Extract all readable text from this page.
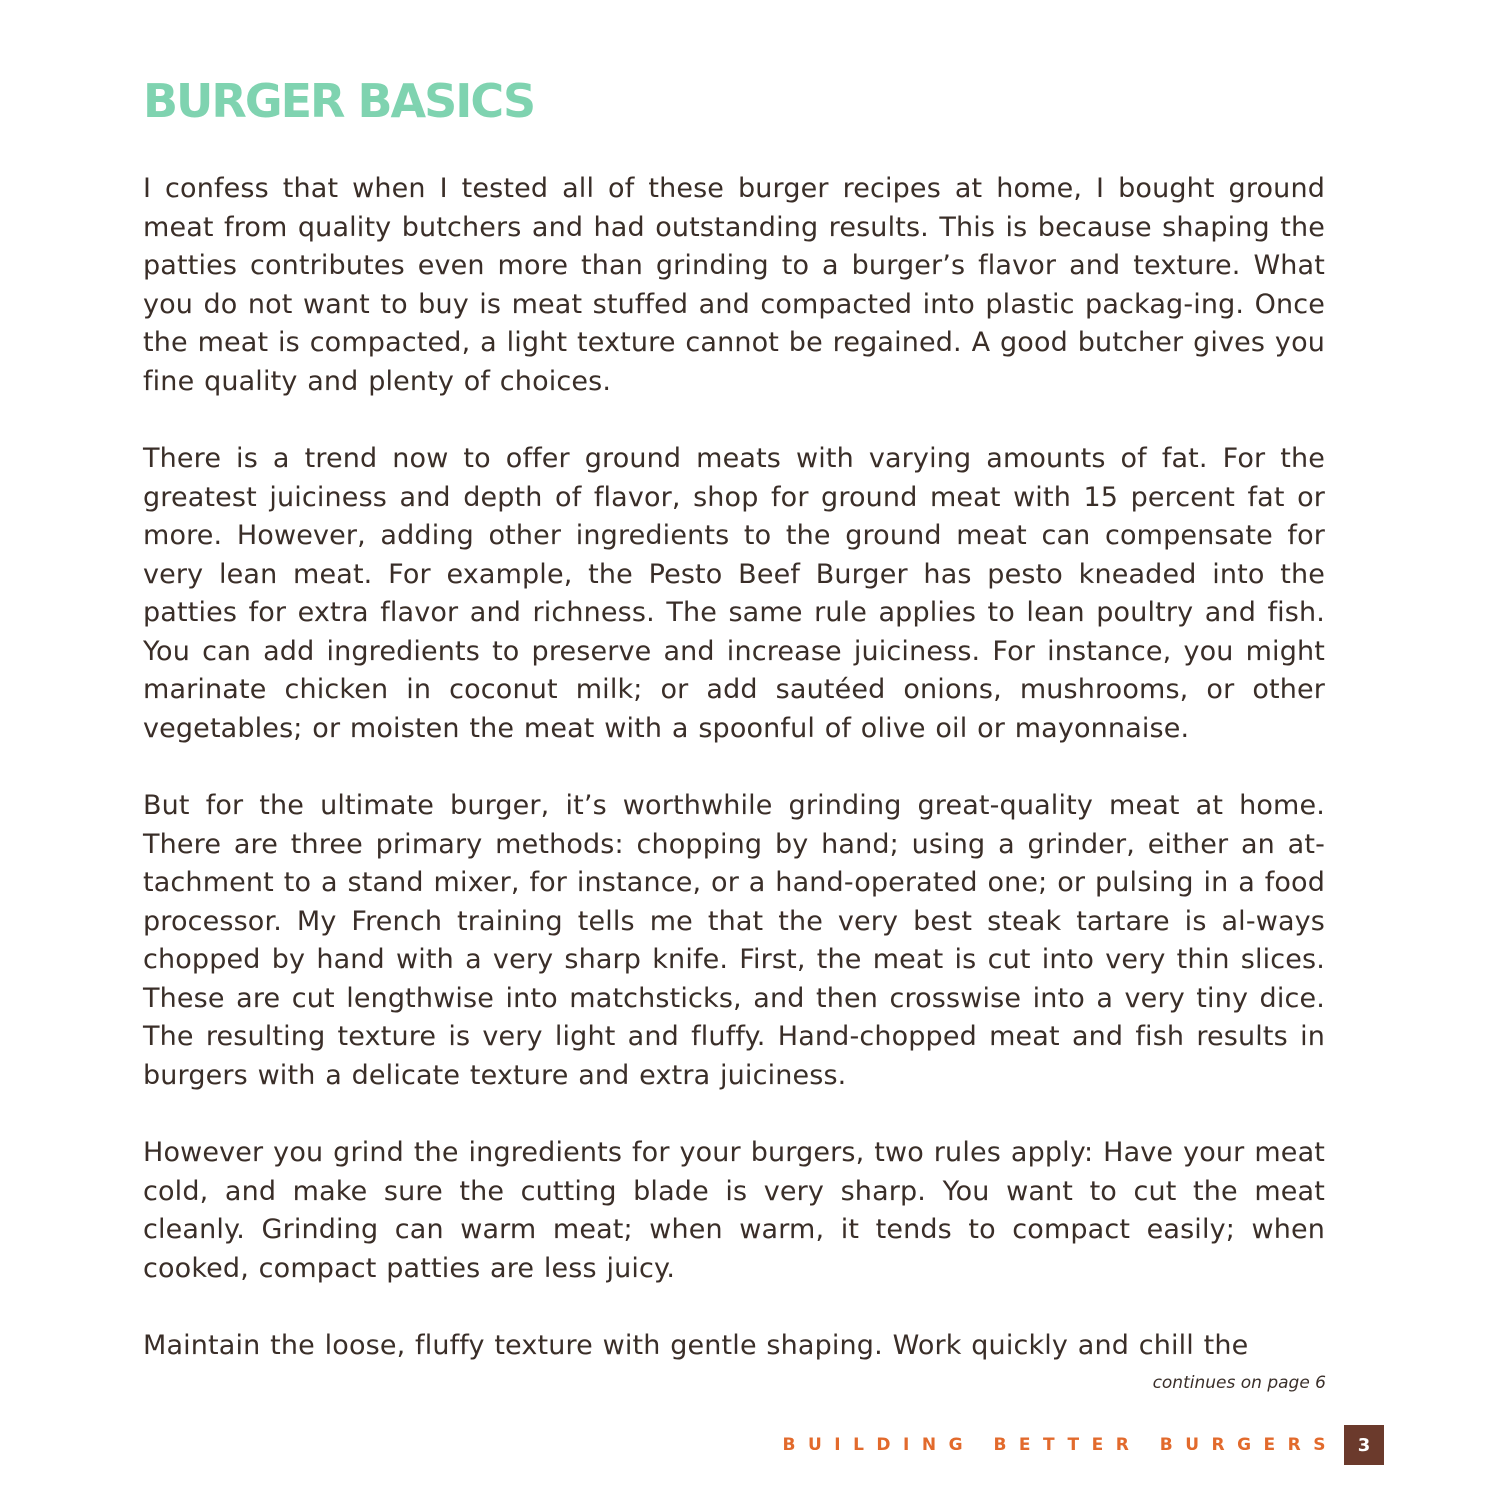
BURGER BASICS

I confess that when I tested all of these burger recipes at home, I bought ground meat from quality butchers and had outstanding results. This is because shaping the patties contributes even more than grinding to a burger’s flavor and texture. What you do not want to buy is meat stuffed and compacted into plastic packag-ing. Once the meat is compacted, a light texture cannot be regained. A good butcher gives you fine quality and plenty of choices.

There is a trend now to offer ground meats with varying amounts of fat. For the greatest juiciness and depth of flavor, shop for ground meat with 15 percent fat or more. However, adding other ingredients to the ground meat can compensate for very lean meat. For example, the Pesto Beef Burger has pesto kneaded into the patties for extra flavor and richness. The same rule applies to lean poultry and fish. You can add ingredients to preserve and increase juiciness. For instance, you might marinate chicken in coconut milk; or add sautéed onions, mushrooms, or other vegetables; or moisten the meat with a spoonful of olive oil or mayonnaise.

But for the ultimate burger, it’s worthwhile grinding great-quality meat at home. There are three primary methods: chopping by hand; using a grinder, either an at-tachment to a stand mixer, for instance, or a hand-operated one; or pulsing in a food processor. My French training tells me that the very best steak tartare is al-ways chopped by hand with a very sharp knife. First, the meat is cut into very thin slices. These are cut lengthwise into matchsticks, and then crosswise into a very tiny dice. The resulting texture is very light and fluffy. Hand-chopped meat and fish results in burgers with a delicate texture and extra juiciness.

However you grind the ingredients for your burgers, two rules apply: Have your meat cold, and make sure the cutting blade is very sharp. You want to cut the meat cleanly. Grinding can warm meat; when warm, it tends to compact easily; when cooked, compact patties are less juicy.

Maintain the loose, fluffy texture with gentle shaping. Work quickly and chill the

continues on page 6

BUILDING BETTER BURGERS	3
